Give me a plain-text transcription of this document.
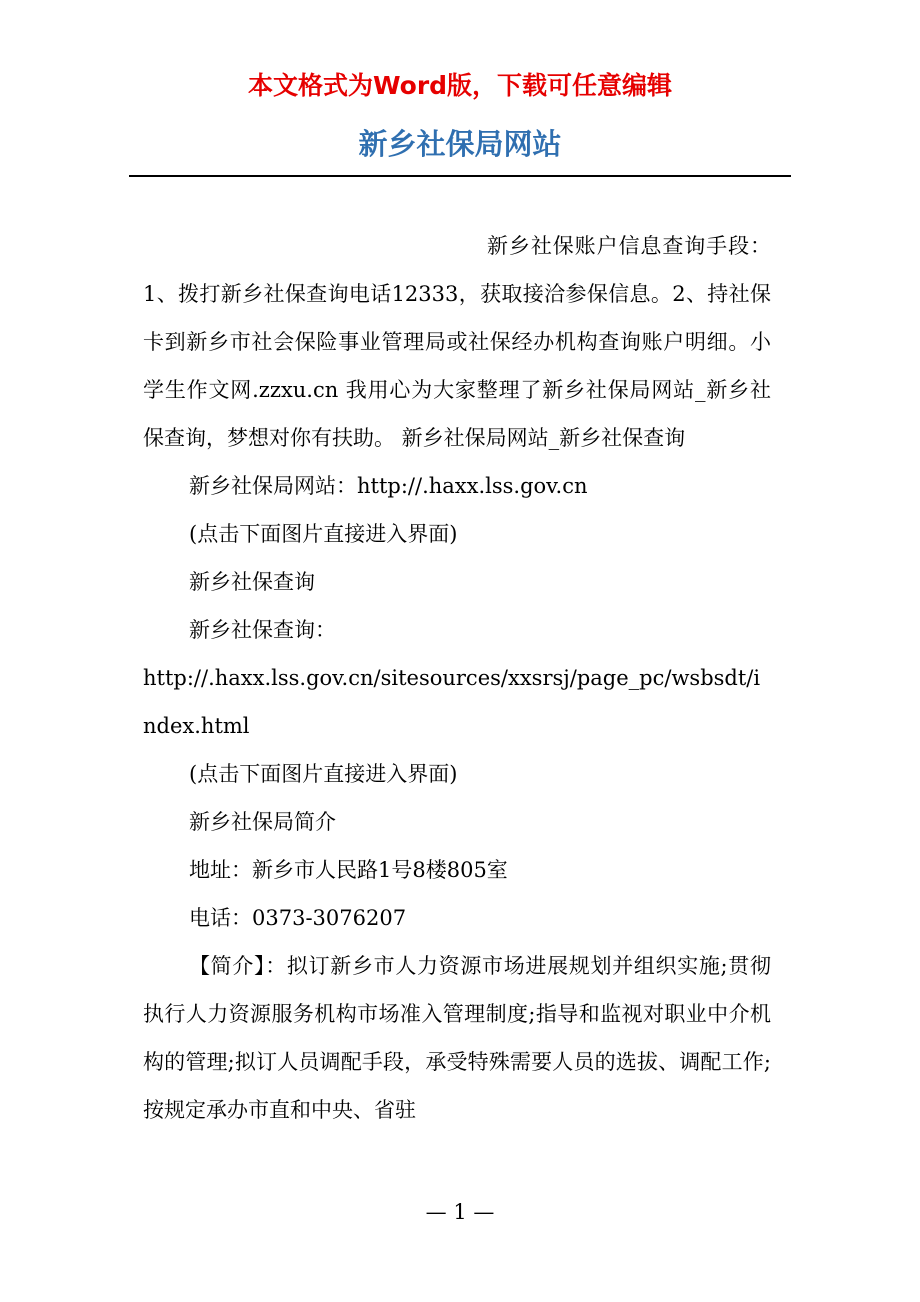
本文格式为Word版，下载可任意编辑
新乡社保局网站

新乡社保账户信息查询手段：1、拨打新乡社保查询电话12333，获取接洽参保信息。2、持社保卡到新乡市社会保险事业管理局或社保经办机构查询账户明细。小学生作文网.zzxu.cn 我用心为大家整理了新乡社保局网站_新乡社保查询，梦想对你有扶助。 新乡社保局网站_新乡社保查询

新乡社保局网站：http://.haxx.lss.gov.cn

(点击下面图片直接进入界面)

新乡社保查询

新乡社保查询：

http://.haxx.lss.gov.cn/sitesources/xxsrsj/page_pc/wsbsdt/index.html

(点击下面图片直接进入界面)

新乡社保局简介

地址：新乡市人民路1号8楼805室

电话：0373-3076207

【简介】：拟订新乡市人力资源市场进展规划并组织实施;贯彻执行人力资源服务机构市场准入管理制度;指导和监视对职业中介机构的管理;拟订人员调配手段，承受特殊需要人员的选拔、调配工作;按规定承办市直和中央、省驻

— 1 —
